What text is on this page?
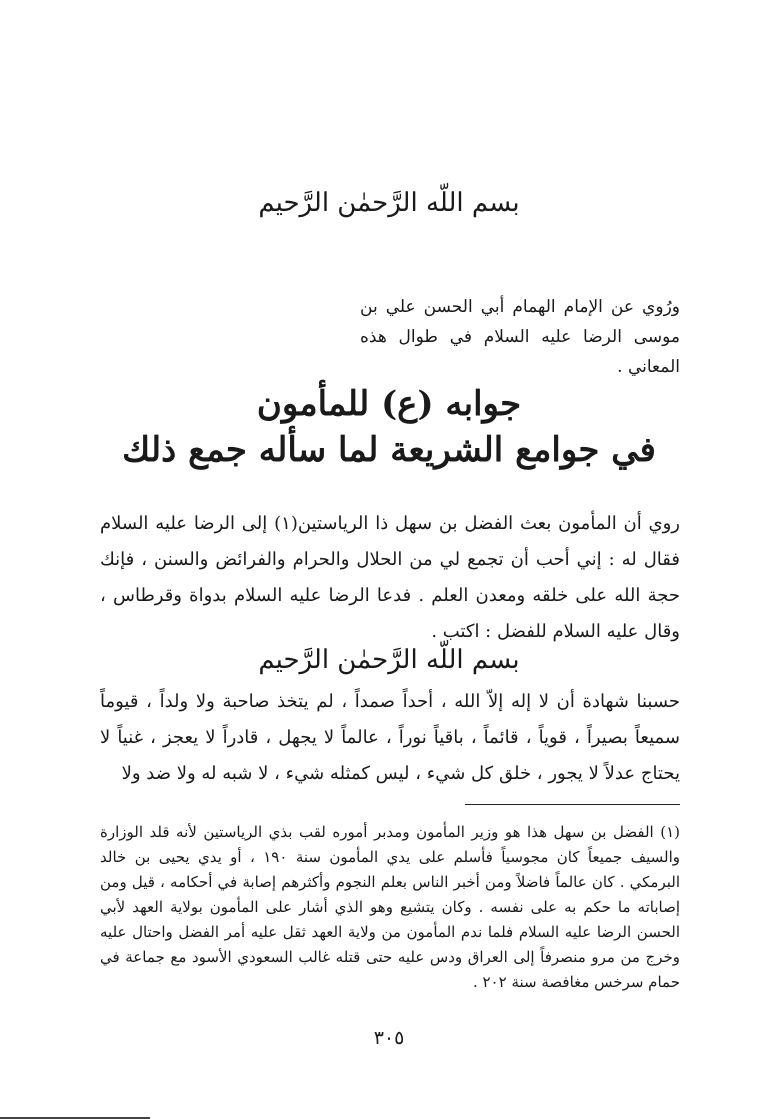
بسم اللّه الرَّحمٰن الرَّحيم

ورُوي عن الإمام الهمام أبي الحسن علي بن موسى الرضا عليه السلام في طوال هذه المعاني .

جوابه (ع) للمأمون
في جوامع الشريعة لما سأله جمع ذلك

روي أن المأمون بعث الفضل بن سهل ذا الرياستين(١) إلى الرضا عليه السلام فقال له : إني أحب أن تجمع لي من الحلال والحرام والفرائض والسنن ، فإنك حجة الله على خلقه ومعدن العلم . فدعا الرضا عليه السلام بدواة وقرطاس ، وقال عليه السلام للفضل : اكتب .

بسم اللّه الرَّحمٰن الرَّحيم

حسبنا شهادة أن لا إله إلاّ الله ، أحداً صمداً ، لم يتخذ صاحبة ولا ولداً ، قيوماً سميعاً بصيراً ، قوياً ، قائماً ، باقياً نوراً ، عالماً لا يجهل ، قادراً لا يعجز ، غنياً لا يحتاج عدلاً لا يجور ، خلق كل شيء ، ليس كمثله شيء ، لا شبه له ولا ضد ولا

(١) الفضل بن سهل هذا هو وزير المأمون ومدبر أموره لقب بذي الرياستين لأنه قلد الوزارة والسيف جميعاً كان مجوسياً فأسلم على يدي المأمون سنة ١٩٠ ، أو يدي يحيى بن خالد البرمكي . كان عالماً فاضلاً ومن أخبر الناس بعلم النجوم وأكثرهم إصابة في أحكامه ، قيل ومن إصاباته ما حكم به على نفسه . وكان يتشيع وهو الذي أشار على المأمون بولاية العهد لأبي الحسن الرضا عليه السلام فلما ندم المأمون من ولاية العهد ثقل عليه أمر الفضل واحتال عليه وخرج من مرو منصرفاً إلى العراق ودس عليه حتى قتله غالب السعودي الأسود مع جماعة في حمام سرخس مغافصة سنة ٢٠٢ .

٣٠٥
